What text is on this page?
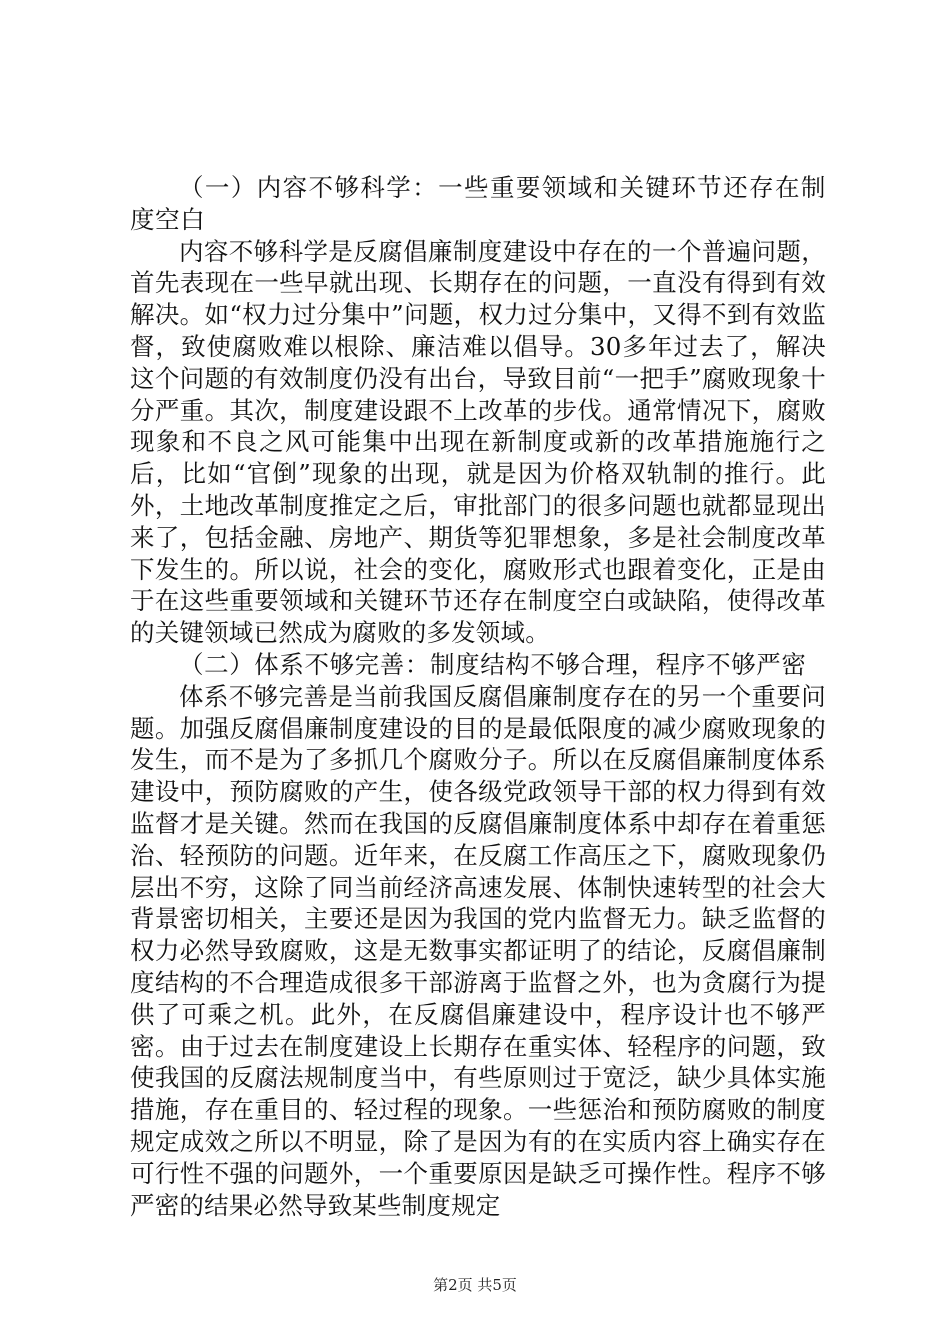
（一）内容不够科学：一些重要领域和关键环节还存在制度空白

内容不够科学是反腐倡廉制度建设中存在的一个普遍问题，首先表现在一些早就出现、长期存在的问题，一直没有得到有效解决。如“权力过分集中”问题，权力过分集中，又得不到有效监督，致使腐败难以根除、廉洁难以倡导。30多年过去了，解决这个问题的有效制度仍没有出台，导致目前“一把手”腐败现象十分严重。其次，制度建设跟不上改革的步伐。通常情况下，腐败现象和不良之风可能集中出现在新制度或新的改革措施施行之后，比如“官倒”现象的出现，就是因为价格双轨制的推行。此外，土地改革制度推定之后，审批部门的很多问题也就都显现出来了，包括金融、房地产、期货等犯罪想象，多是社会制度改革下发生的。所以说，社会的变化，腐败形式也跟着变化，正是由于在这些重要领域和关键环节还存在制度空白或缺陷，使得改革的关键领域已然成为腐败的多发领域。

（二）体系不够完善：制度结构不够合理，程序不够严密

体系不够完善是当前我国反腐倡廉制度存在的另一个重要问题。加强反腐倡廉制度建设的目的是最低限度的减少腐败现象的发生，而不是为了多抓几个腐败分子。所以在反腐倡廉制度体系建设中，预防腐败的产生，使各级党政领导干部的权力得到有效监督才是关键。然而在我国的反腐倡廉制度体系中却存在着重惩治、轻预防的问题。近年来，在反腐工作高压之下，腐败现象仍层出不穷，这除了同当前经济高速发展、体制快速转型的社会大背景密切相关，主要还是因为我国的党内监督无力。缺乏监督的权力必然导致腐败，这是无数事实都证明了的结论，反腐倡廉制度结构的不合理造成很多干部游离于监督之外，也为贪腐行为提供了可乘之机。此外，在反腐倡廉建设中，程序设计也不够严密。由于过去在制度建设上长期存在重实体、轻程序的问题，致使我国的反腐法规制度当中，有些原则过于宽泛，缺少具体实施措施，存在重目的、轻过程的现象。一些惩治和预防腐败的制度规定成效之所以不明显，除了是因为有的在实质内容上确实存在可行性不强的问题外，一个重要原因是缺乏可操作性。程序不够严密的结果必然导致某些制度规定

第2页 共5页
